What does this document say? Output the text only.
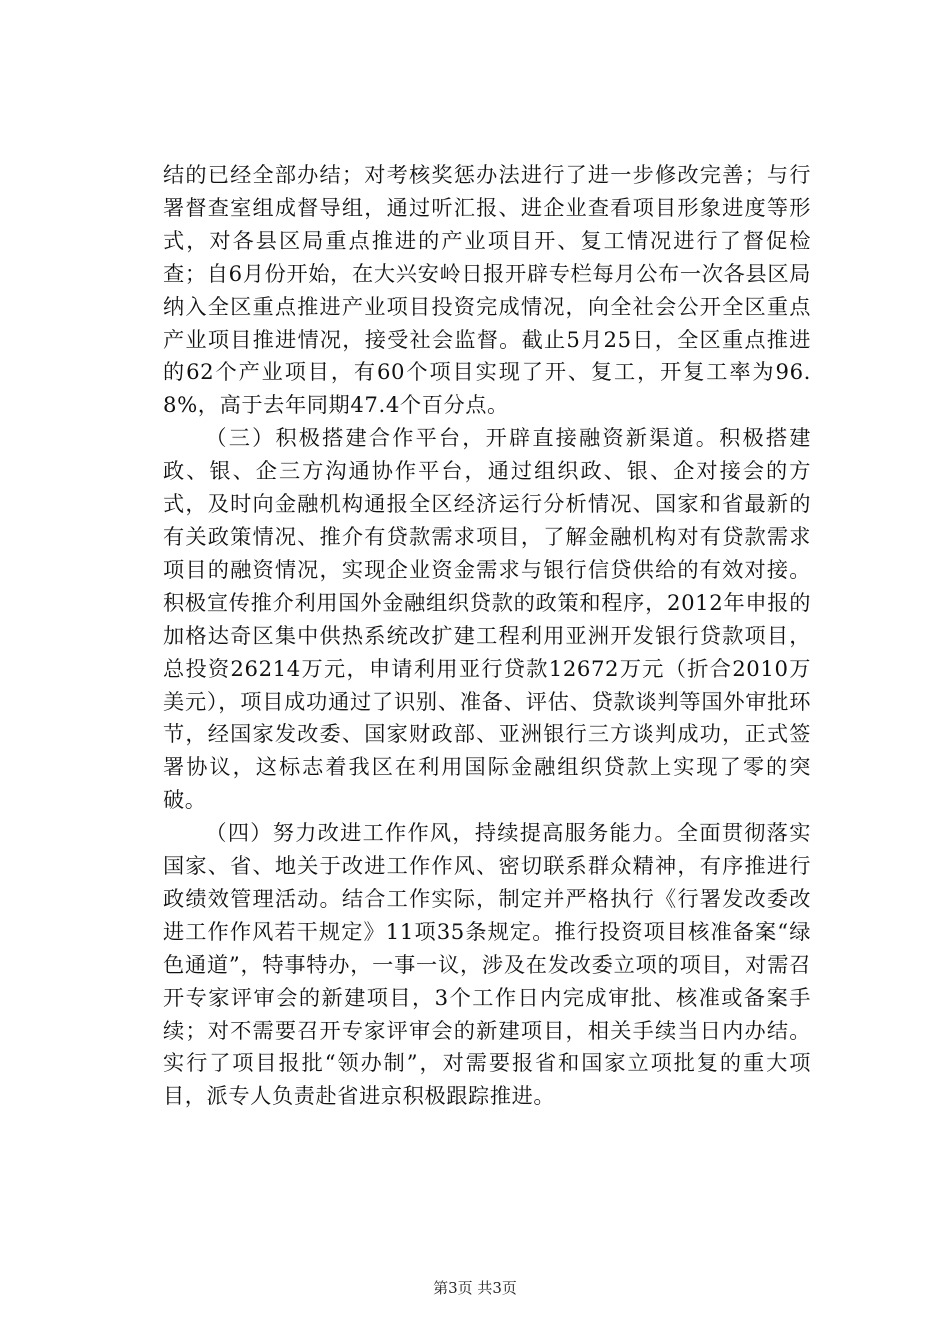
结的已经全部办结；对考核奖惩办法进行了进一步修改完善；与行署督查室组成督导组，通过听汇报、进企业查看项目形象进度等形式，对各县区局重点推进的产业项目开、复工情况进行了督促检查；自6月份开始，在大兴安岭日报开辟专栏每月公布一次各县区局纳入全区重点推进产业项目投资完成情况，向全社会公开全区重点产业项目推进情况，接受社会监督。截止5月25日，全区重点推进的62个产业项目，有60个项目实现了开、复工，开复工率为96.8%，高于去年同期47.4个百分点。

（三）积极搭建合作平台，开辟直接融资新渠道。积极搭建政、银、企三方沟通协作平台，通过组织政、银、企对接会的方式，及时向金融机构通报全区经济运行分析情况、国家和省最新的有关政策情况、推介有贷款需求项目，了解金融机构对有贷款需求项目的融资情况，实现企业资金需求与银行信贷供给的有效对接。积极宣传推介利用国外金融组织贷款的政策和程序，2012年申报的加格达奇区集中供热系统改扩建工程利用亚洲开发银行贷款项目，总投资26214万元，申请利用亚行贷款12672万元（折合2010万美元），项目成功通过了识别、准备、评估、贷款谈判等国外审批环节，经国家发改委、国家财政部、亚洲银行三方谈判成功，正式签署协议，这标志着我区在利用国际金融组织贷款上实现了零的突破。

（四）努力改进工作作风，持续提高服务能力。全面贯彻落实国家、省、地关于改进工作作风、密切联系群众精神，有序推进行政绩效管理活动。结合工作实际，制定并严格执行《行署发改委改进工作作风若干规定》11项35条规定。推行投资项目核准备案“绿色通道”，特事特办，一事一议，涉及在发改委立项的项目，对需召开专家评审会的新建项目，3个工作日内完成审批、核准或备案手续；对不需要召开专家评审会的新建项目，相关手续当日内办结。实行了项目报批“领办制”，对需要报省和国家立项批复的重大项目，派专人负责赴省进京积极跟踪推进。

第3页 共3页
